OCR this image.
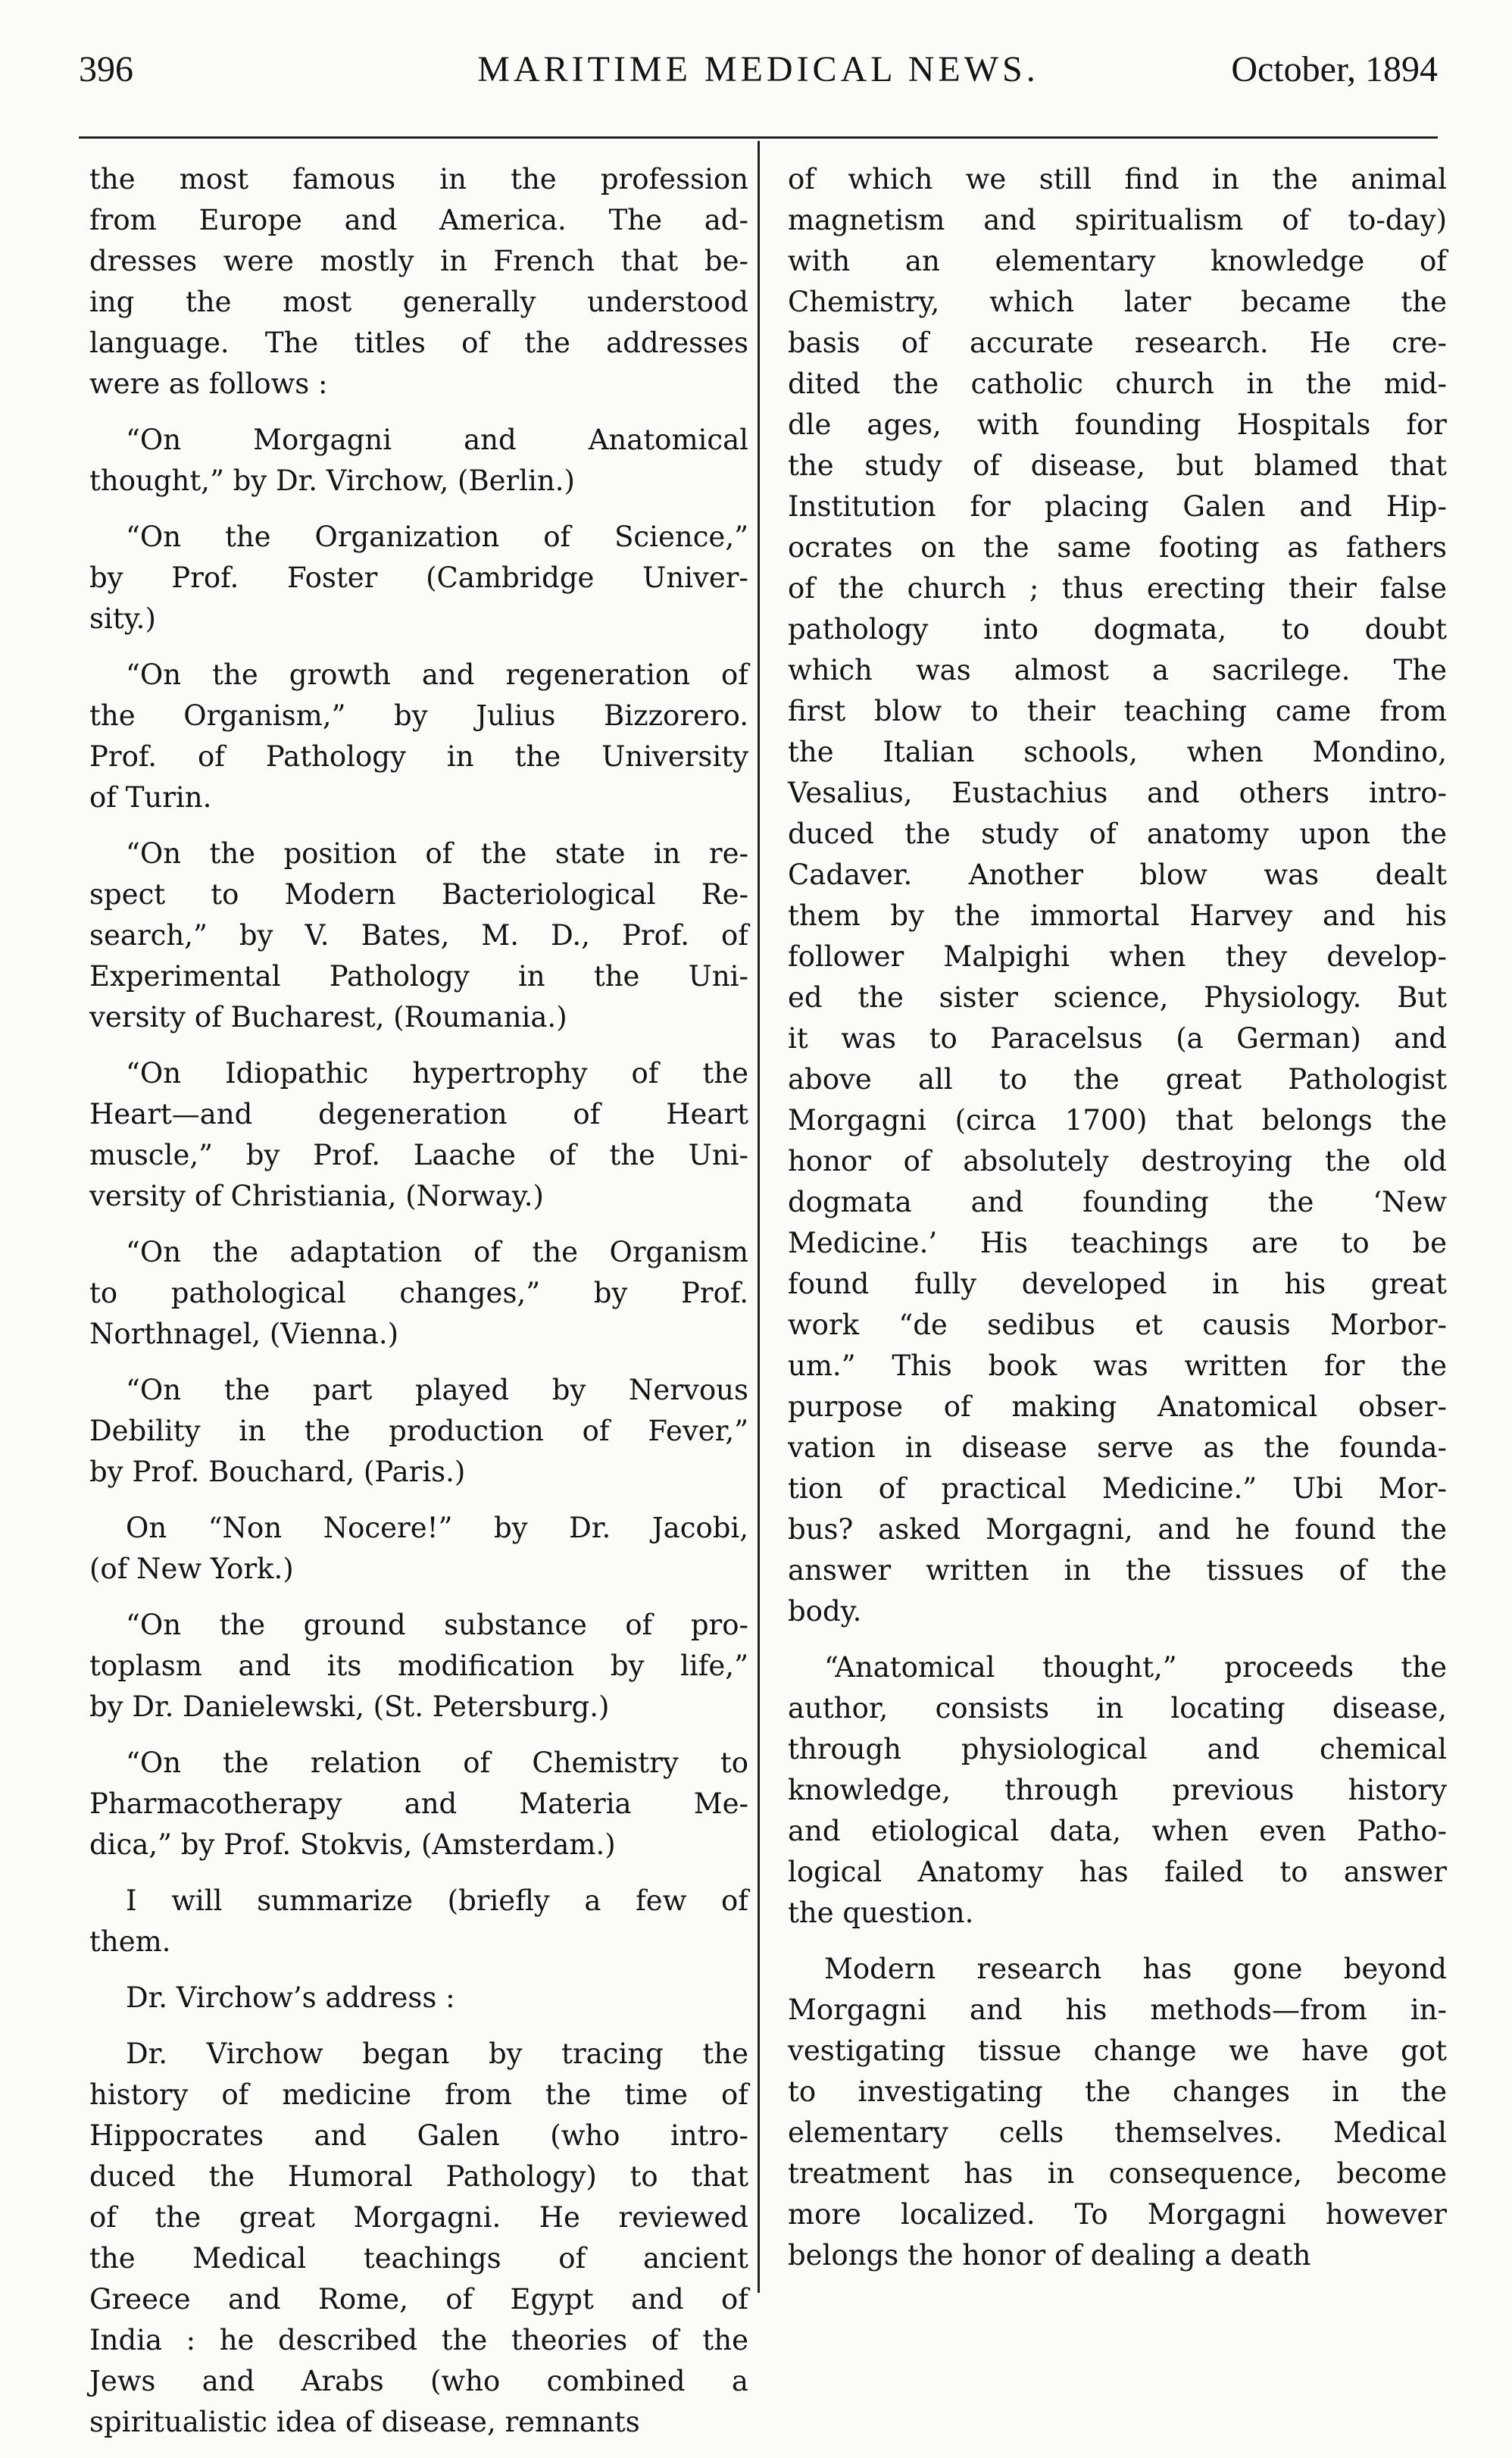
396	MARITIME MEDICAL NEWS.	October, 1894

the most famous in the profession
from Europe and America. The ad-
dresses were mostly in French that be-
ing the most generally understood
language. The titles of the addresses
were as follows :

“On Morgagni and Anatomical
thought,” by Dr. Virchow, (Berlin.)

“On the Organization of Science,”
by Prof. Foster (Cambridge Univer-
sity.)

“On the growth and regeneration of
the Organism,” by Julius Bizzorero.
Prof. of Pathology in the University
of Turin.

“On the position of the state in re-
spect to Modern Bacteriological Re-
search,” by V. Bates, M. D., Prof. of
Experimental Pathology in the Uni-
versity of Bucharest, (Roumania.)

“On Idiopathic hypertrophy of the
Heart—and degeneration of Heart
muscle,” by Prof. Laache of the Uni-
versity of Christiania, (Norway.)

“On the adaptation of the Organism
to pathological changes,” by Prof.
Northnagel, (Vienna.)

“On the part played by Nervous
Debility in the production of Fever,”
by Prof. Bouchard, (Paris.)

On “Non Nocere!” by Dr. Jacobi,
(of New York.)

“On the ground substance of pro-
toplasm and its modification by life,”
by Dr. Danielewski, (St. Petersburg.)

“On the relation of Chemistry to
Pharmacotherapy and Materia Me-
dica,” by Prof. Stokvis, (Amsterdam.)

I will summarize (briefly a few of
them.

Dr. Virchow’s address :

Dr. Virchow began by tracing the
history of medicine from the time of
Hippocrates and Galen (who intro-
duced the Humoral Pathology) to that
of the great Morgagni. He reviewed
the Medical teachings of ancient
Greece and Rome, of Egypt and of
India : he described the theories of the
Jews and Arabs (who combined a
spiritualistic idea of disease, remnants

of which we still find in the animal
magnetism and spiritualism of to-day)
with an elementary knowledge of
Chemistry, which later became the
basis of accurate research. He cre-
dited the catholic church in the mid-
dle ages, with founding Hospitals for
the study of disease, but blamed that
Institution for placing Galen and Hip-
ocrates on the same footing as fathers
of the church ; thus erecting their false
pathology into dogmata, to doubt
which was almost a sacrilege. The
first blow to their teaching came from
the Italian schools, when Mondino,
Vesalius, Eustachius and others intro-
duced the study of anatomy upon the
Cadaver. Another blow was dealt
them by the immortal Harvey and his
follower Malpighi when they develop-
ed the sister science, Physiology. But
it was to Paracelsus (a German) and
above all to the great Pathologist
Morgagni (circa 1700) that belongs the
honor of absolutely destroying the old
dogmata and founding the ‘New
Medicine.’ His teachings are to be
found fully developed in his great
work “de sedibus et causis Morbor-
um.” This book was written for the
purpose of making Anatomical obser-
vation in disease serve as the founda-
tion of practical Medicine.” Ubi Mor-
bus? asked Morgagni, and he found the
answer written in the tissues of the
body.

“Anatomical thought,” proceeds the
author, consists in locating disease,
through physiological and chemical
knowledge, through previous history
and etiological data, when even Patho-
logical Anatomy has failed to answer
the question.

Modern research has gone beyond
Morgagni and his methods—from in-
vestigating tissue change we have got
to investigating the changes in the
elementary cells themselves. Medical
treatment has in consequence, become
more localized. To Morgagni however
belongs the honor of dealing a death
